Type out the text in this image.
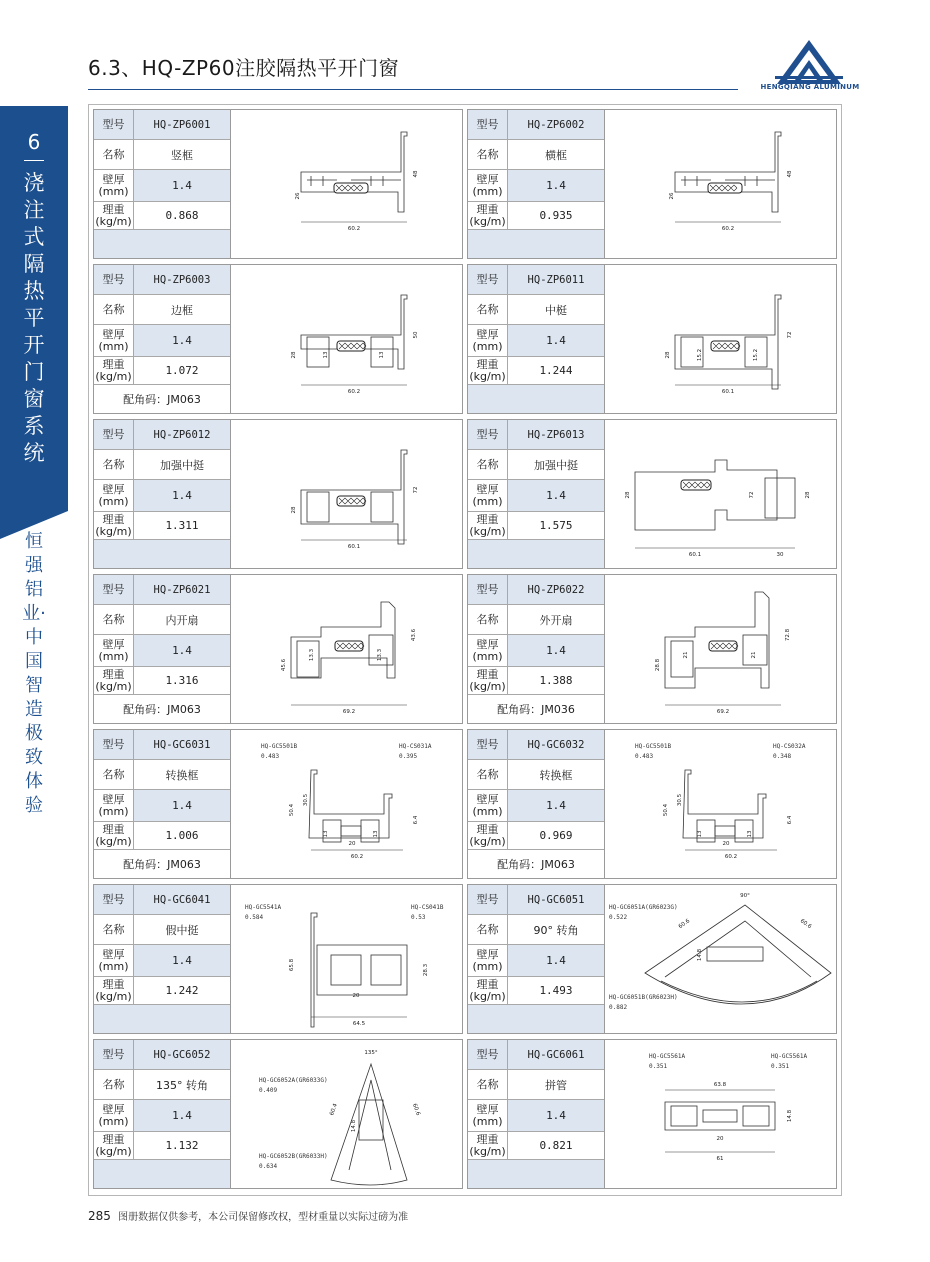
6.3、HQ-ZP60注胶隔热平开门窗
HENGQIANG ALUMINUM
6
浇注式隔热平开门窗系统
恒强铝业·中国智造 极致体验
型号	HQ-ZP6001
名称	竖框
壁厚(mm)	1.4
理重(kg/m)	0.868
26
48
60.2
型号	HQ-ZP6002
名称	横框
壁厚(mm)	1.4
理重(kg/m)	0.935
26
48
60.2
型号	HQ-ZP6003
名称	边框
壁厚(mm)	1.4
理重(kg/m)	1.072
配角码：JM063
28
50
60.2
13	13
型号	HQ-ZP6011
名称	中梃
壁厚(mm)	1.4
理重(kg/m)	1.244
28
72
60.1
15.2	15.2
型号	HQ-ZP6012
名称	加强中挺
壁厚(mm)	1.4
理重(kg/m)	1.311
28
72
60.1
型号	HQ-ZP6013
名称	加强中挺
壁厚(mm)	1.4
理重(kg/m)	1.575
28	72	28
60.1	30
型号	HQ-ZP6021
名称	内开扇
壁厚(mm)	1.4
理重(kg/m)	1.316
配角码：JM063
45.6
43.6
69.2
13.3	13.3
型号	HQ-ZP6022
名称	外开扇
壁厚(mm)	1.4
理重(kg/m)	1.388
配角码：JM036
28.8
72.8
69.2
21	21
型号	HQ-GC6031
名称	转换框
壁厚(mm)	1.4
理重(kg/m)	1.006
配角码：JM063
50.4
30.5
13	13
6.4
20
60.2
HQ-GC5501B
0.483
HQ-CS031A
0.395
型号	HQ-GC6032
名称	转换框
壁厚(mm)	1.4
理重(kg/m)	0.969
配角码：JM063
50.4
30.5
13	13
6.4
20
60.2
HQ-GC5501B
0.483
HQ-CS032A
0.348
型号	HQ-GC6041
名称	假中挺
壁厚(mm)	1.4
理重(kg/m)	1.242
65.8	28.3
20
64.5
HQ-GC5541A
0.584
HQ-CS041B
0.53
型号	HQ-GC6051
名称	90° 转角
壁厚(mm)	1.4
理重(kg/m)	1.493
90°
60.6	60.6
14.8
HQ-GC6051A(GR6023G)
0.522
HQ-GC6051B(GR6023H)
0.882
型号	HQ-GC6052
名称	135° 转角
壁厚(mm)	1.4
理重(kg/m)	1.132
135°
60.4	60.6
14.8
HQ-GC6052A(GR6033G)
0.409
HQ-GC6052B(GR6033H)
0.634
型号	HQ-GC6061
名称	拼管
壁厚(mm)	1.4
理重(kg/m)	0.821
63.8
14.8
20
61
HQ-GC5561A
0.351
HQ-GC5561A
0.351
285 图册数据仅供参考，本公司保留修改权，型材重量以实际过磅为准
